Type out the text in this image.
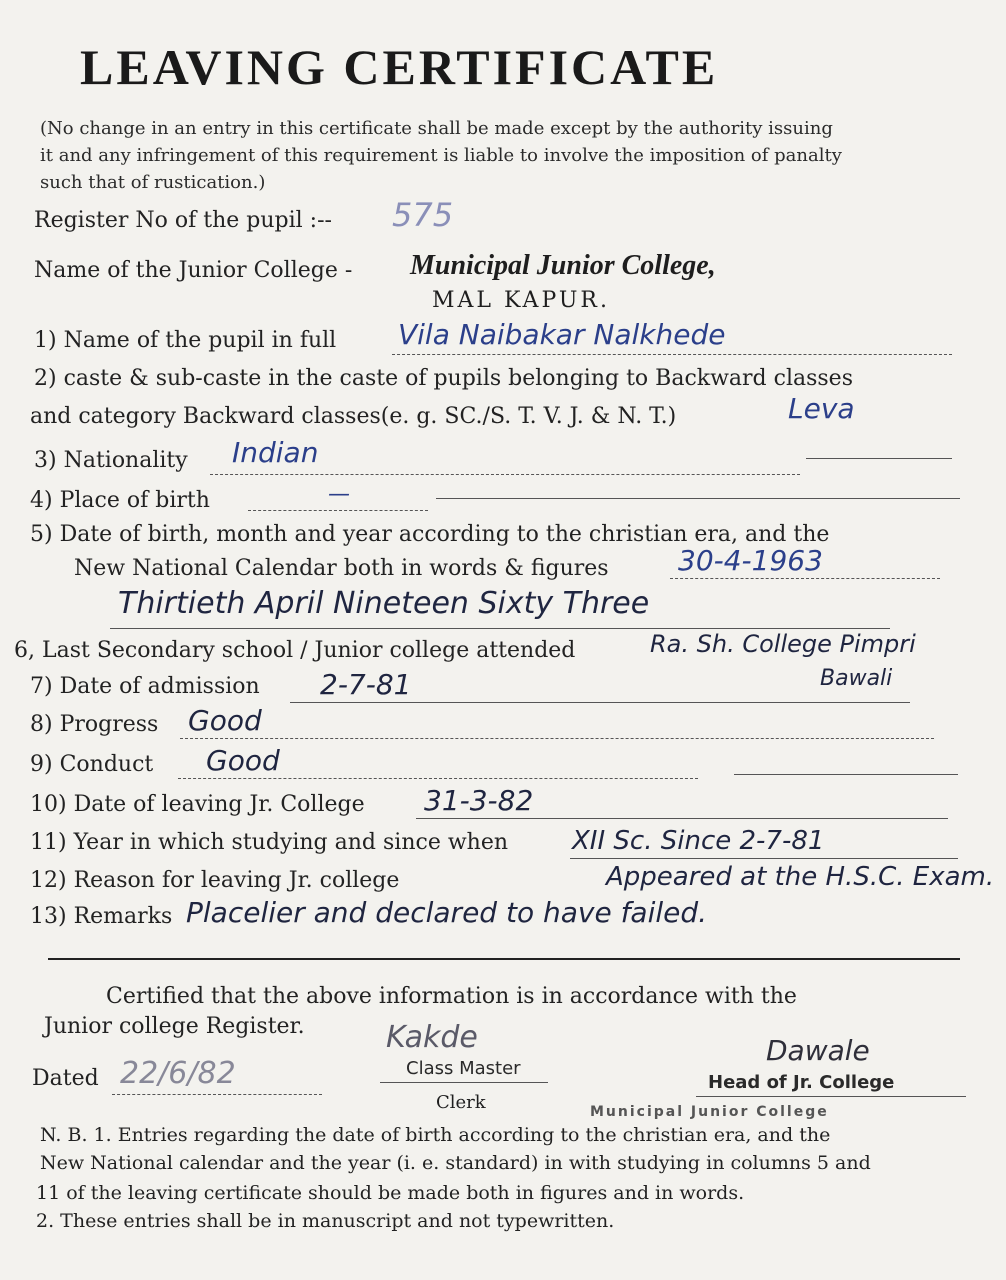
LEAVING CERTIFICATE
(No change in an entry in this certificate shall be made except by the authority issuing
it and any infringement of this requirement is liable to involve the imposition of panalty
such that of rustication.)
Register No of the pupil :-- 575
Name of the Junior College - Municipal Junior College,
MAL KAPUR.
1) Name of the pupil in full Vila Naibakar Nalkhede
2) caste & sub-caste in the caste of pupils belonging to Backward classes
and category Backward classes(e. g. SC./S. T. V. J. & N. T.)	Leva
3) Nationality Indian
4) Place of birth	—
5) Date of birth, month and year according to the christian era, and the
New National Calendar both in words & figures 30-4-1963
Thirtieth April Nineteen Sixty Three
6, Last Secondary school / Junior college attended	Ra. Sh. College Pimpri
Bawali
7) Date of admission 2-7-81
8) Progress Good
9) Conduct Good
10) Date of leaving Jr. College 31-3-82
11) Year in which studying and since when XII Sc. Since 2-7-81
12) Reason for leaving Jr. college	Appeared at the H.S.C. Exam.
13) Remarks Placelier and declared to have failed.
Certified that the above information is in accordance with the
Junior college Register.	Kakde	Dawale
Dated 22/6/82	Class Master
Clerk
Head of Jr. College
Municipal Junior College
N. B. 1. Entries regarding the date of birth according to the christian era, and the
New National calendar and the year (i. e. standard) in with studying in columns 5 and
11 of the leaving certificate should be made both in figures and in words.
2. These entries shall be in manuscript and not typewritten.
